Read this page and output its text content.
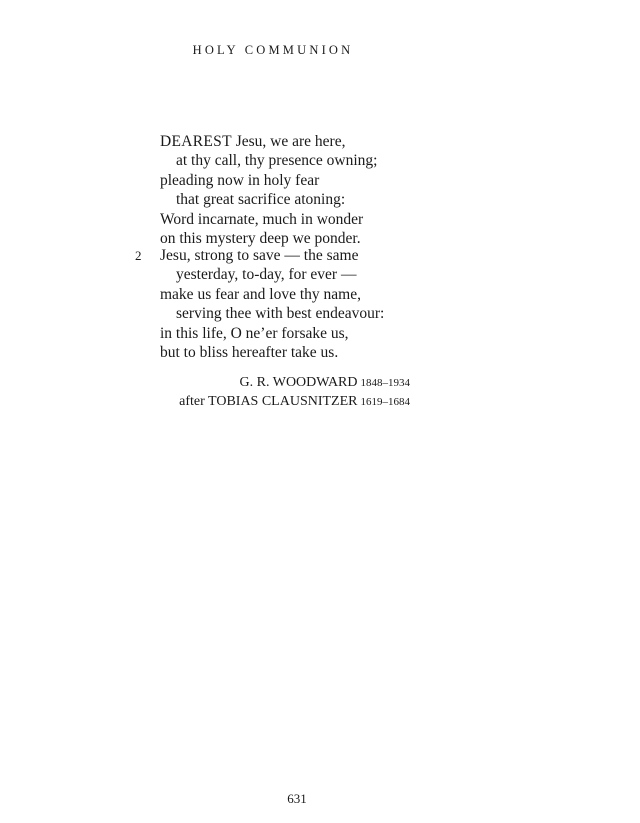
HOLY COMMUNION
DEAREST Jesu, we are here,
at thy call, thy presence owning;
pleading now in holy fear
that great sacrifice atoning:
Word incarnate, much in wonder
on this mystery deep we ponder.
2 Jesu, strong to save — the same
yesterday, to-day, for ever —
make us fear and love thy name,
serving thee with best endeavour:
in this life, O ne’er forsake us,
but to bliss hereafter take us.
G. R. WOODWARD 1848–1934
after TOBIAS CLAUSNITZER 1619–1684
631
